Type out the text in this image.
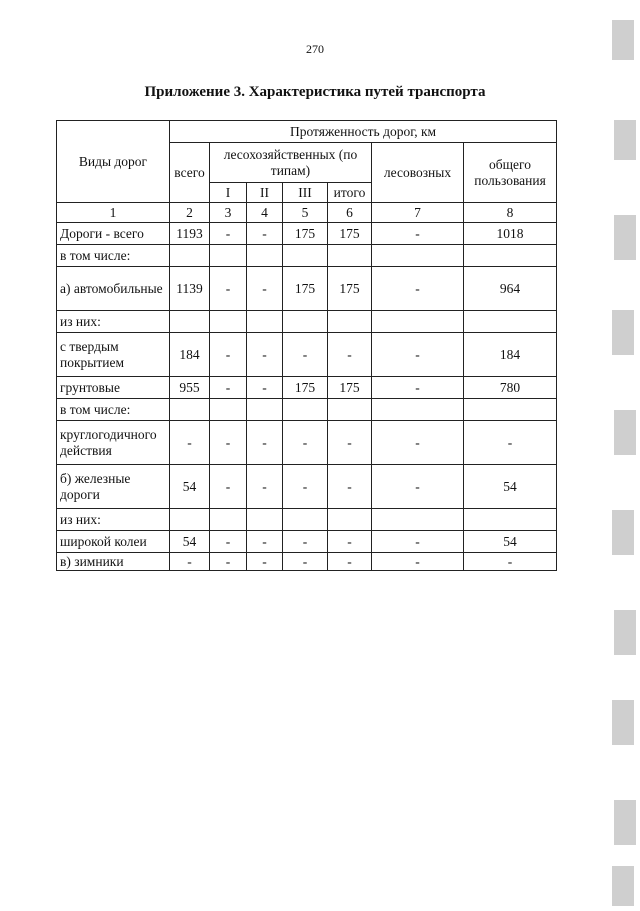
270
Приложение 3. Характеристика путей транспорта
Виды дорог	Протяженность дорог, км						
	всего	лесохозяйственных (по типам)				лесовозных	общего пользования
		I	II	III	итого		
1	2	3	4	5	6	7	8
Дороги - всего	1193	-	-	175	175	-	1018
в том числе:							
а) автомобильные	1139	-	-	175	175	-	964
из них:							
с твердым покрытием	184	-	-	-	-	-	184
грунтовые	955	-	-	175	175	-	780
в том числе:							
круглогодичного действия	-	-	-	-	-	-	-
б) железные дороги	54	-	-	-	-	-	54
из них:							
широкой колеи	54	-	-	-	-	-	54
в) зимники	-	-	-	-	-	-	-
